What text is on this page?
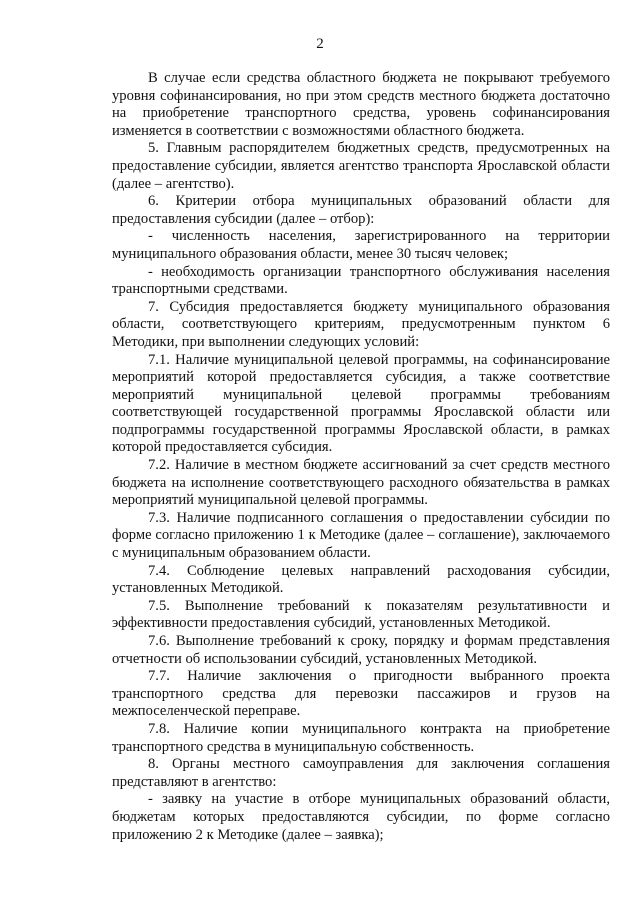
2

В случае если средства областного бюджета не покрывают требуемого уровня софинансирования, но при этом средств местного бюджета достаточно на приобретение транспортного средства, уровень софинансирования изменяется в соответствии с возможностями областного бюджета.

5. Главным распорядителем бюджетных средств, предусмотренных на предоставление субсидии, является агентство транспорта Ярославской области (далее – агентство).

6. Критерии отбора муниципальных образований области для предоставления субсидии (далее – отбор):

- численность населения, зарегистрированного на территории муниципального образования области, менее 30 тысяч человек;

- необходимость организации транспортного обслуживания населения транспортными средствами.

7. Субсидия предоставляется бюджету муниципального образования области, соответствующего критериям, предусмотренным пунктом 6 Методики, при выполнении следующих условий:

7.1. Наличие муниципальной целевой программы, на софинансирование мероприятий которой предоставляется субсидия, а также соответствие мероприятий муниципальной целевой программы требованиям соответствующей государственной программы Ярославской области или подпрограммы государственной программы Ярославской области, в рамках которой предоставляется субсидия.

7.2. Наличие в местном бюджете ассигнований за счет средств местного бюджета на исполнение соответствующего расходного обязательства в рамках мероприятий муниципальной целевой программы.

7.3. Наличие подписанного соглашения о предоставлении субсидии по форме согласно приложению 1 к Методике (далее – соглашение), заключаемого с муниципальным образованием области.

7.4. Соблюдение целевых направлений расходования субсидии, установленных Методикой.

7.5. Выполнение требований к показателям результативности и эффективности предоставления субсидий, установленных Методикой.

7.6. Выполнение требований к сроку, порядку и формам представления отчетности об использовании субсидий, установленных Методикой.

7.7. Наличие заключения о пригодности выбранного проекта транспортного средства для перевозки пассажиров и грузов на межпоселенческой переправе.

7.8. Наличие копии муниципального контракта на приобретение транспортного средства в муниципальную собственность.

8. Органы местного самоуправления для заключения соглашения представляют в агентство:

- заявку на участие в отборе муниципальных образований области, бюджетам которых предоставляются субсидии, по форме согласно приложению 2 к Методике (далее – заявка);
